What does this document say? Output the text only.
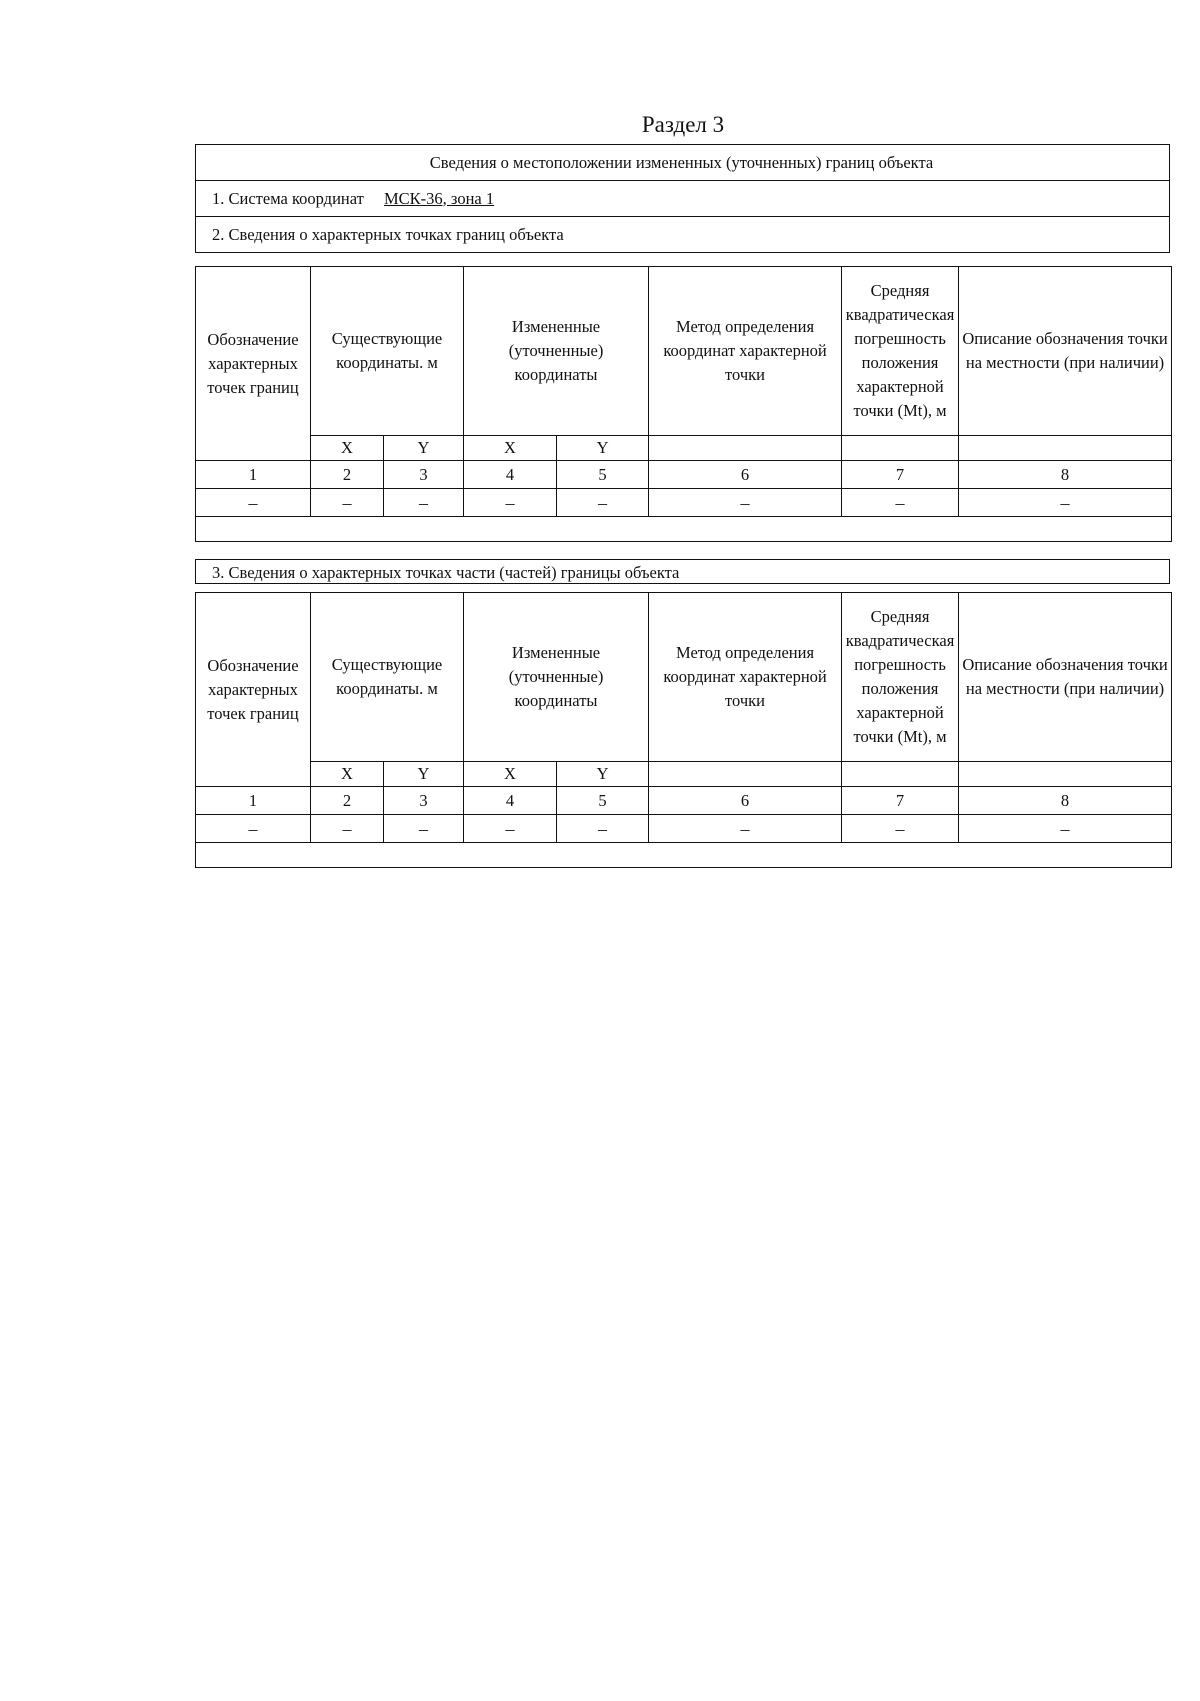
Раздел 3
Сведения о местоположении измененных (уточненных) границ объекта
1. Система координат МСК-36, зона 1
2. Сведения о характерных точках границ объекта
Обозначение характерных точек границ	Существующие координаты. м		Измененные (уточненные) координаты		Метод определения координат характерной точки	Средняя квадратическая погрешность положения характерной точки (Mt), м	Описание обозначения точки на местности (при наличии)
	X	Y	X	Y			
1	2	3	4	5	6	7	8
–	–	–	–	–	–	–	–

3. Сведения о характерных точках части (частей) границы объекта
Обозначение характерных точек границ	Существующие координаты. м		Измененные (уточненные) координаты		Метод определения координат характерной точки	Средняя квадратическая погрешность положения характерной точки (Mt), м	Описание обозначения точки на местности (при наличии)
	X	Y	X	Y			
1	2	3	4	5	6	7	8
–	–	–	–	–	–	–	–
